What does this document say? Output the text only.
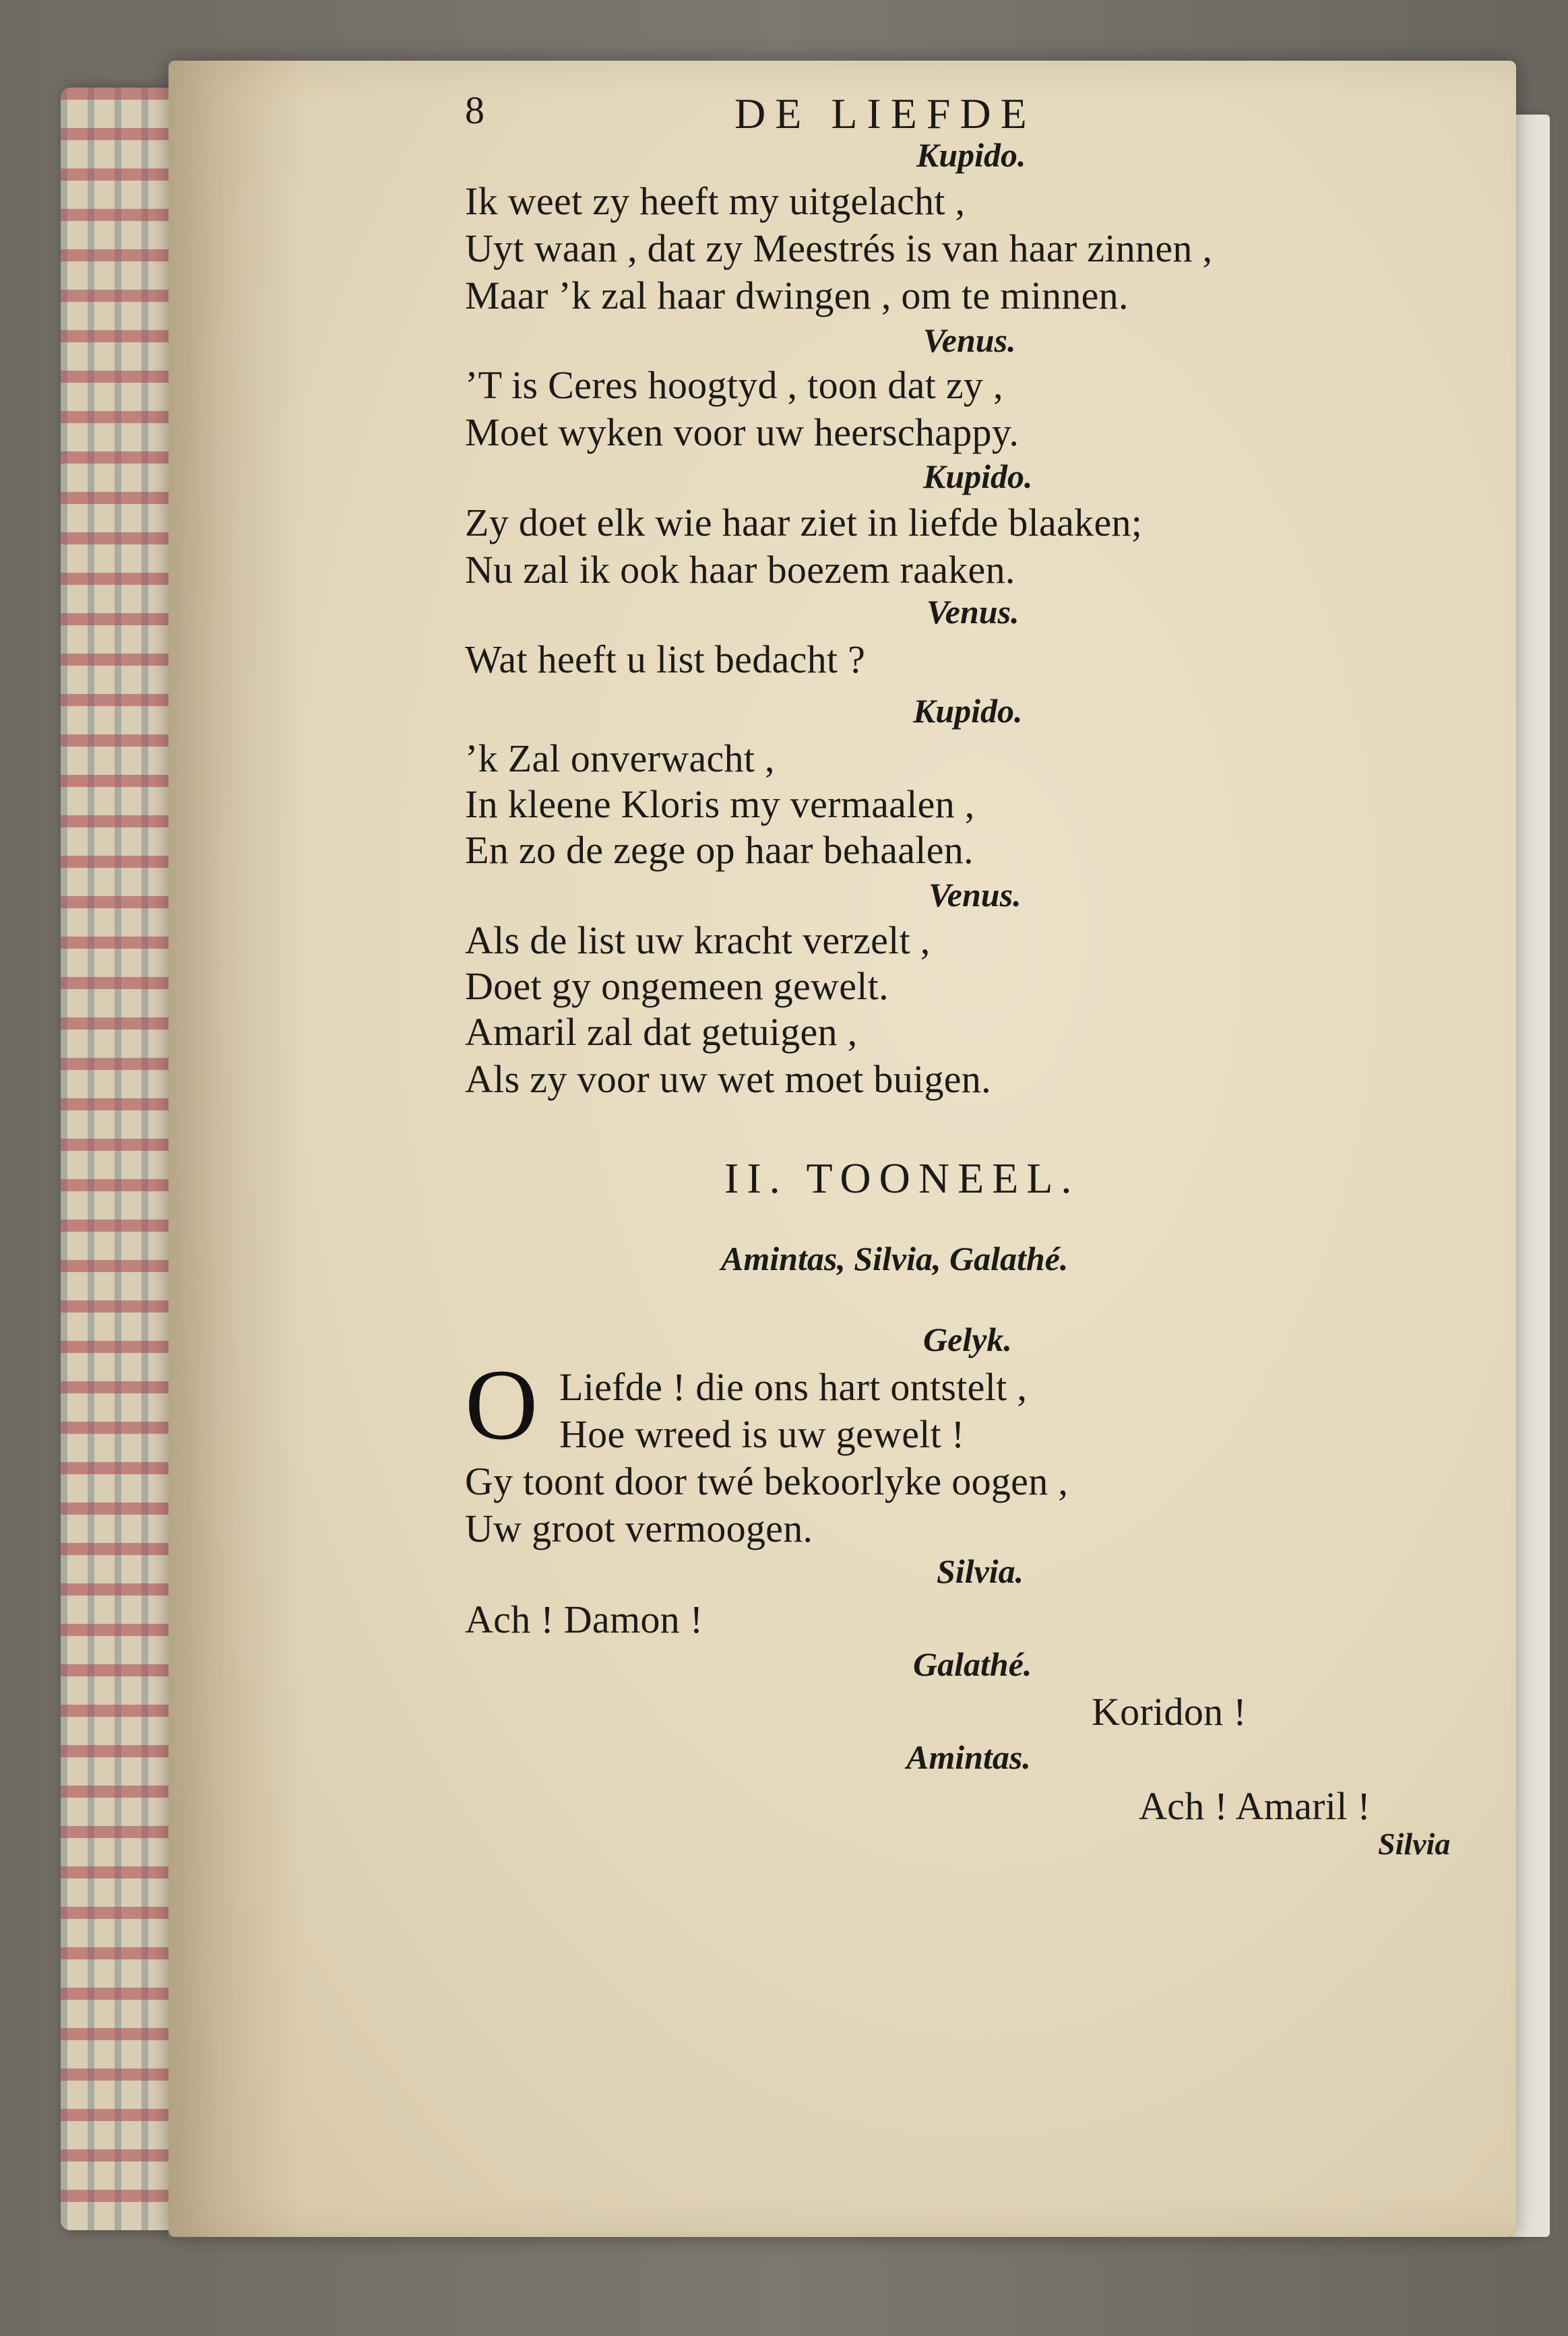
8	DE LIEFDE
Kupido.
Ik weet zy heeft my uitgelacht ,
Uyt waan , dat zy Meestrés is van haar zinnen ,
Maar ’k zal haar dwingen , om te minnen.
Venus.
’T is Ceres hoogtyd , toon dat zy ,
Moet wyken voor uw heerschappy.
Kupido.
Zy doet elk wie haar ziet in liefde blaaken;
Nu zal ik ook haar boezem raaken.
Venus.
Wat heeft u list bedacht ?
Kupido.
’k Zal onverwacht ,
In kleene Kloris my vermaalen ,
En zo de zege op haar behaalen.
Venus.
Als de list uw kracht verzelt ,
Doet gy ongemeen gewelt.
Amaril zal dat getuigen ,
Als zy voor uw wet moet buigen.
II. TOONEEL.
Amintas, Silvia, Galathé.
Gelyk.
O Liefde ! die ons hart ontstelt ,
Hoe wreed is uw gewelt !
Gy toont door twé bekoorlyke oogen ,
Uw groot vermoogen.
Silvia.
Ach ! Damon !
Galathé.
Koridon !
Amintas.
Ach ! Amaril !
Silvia
